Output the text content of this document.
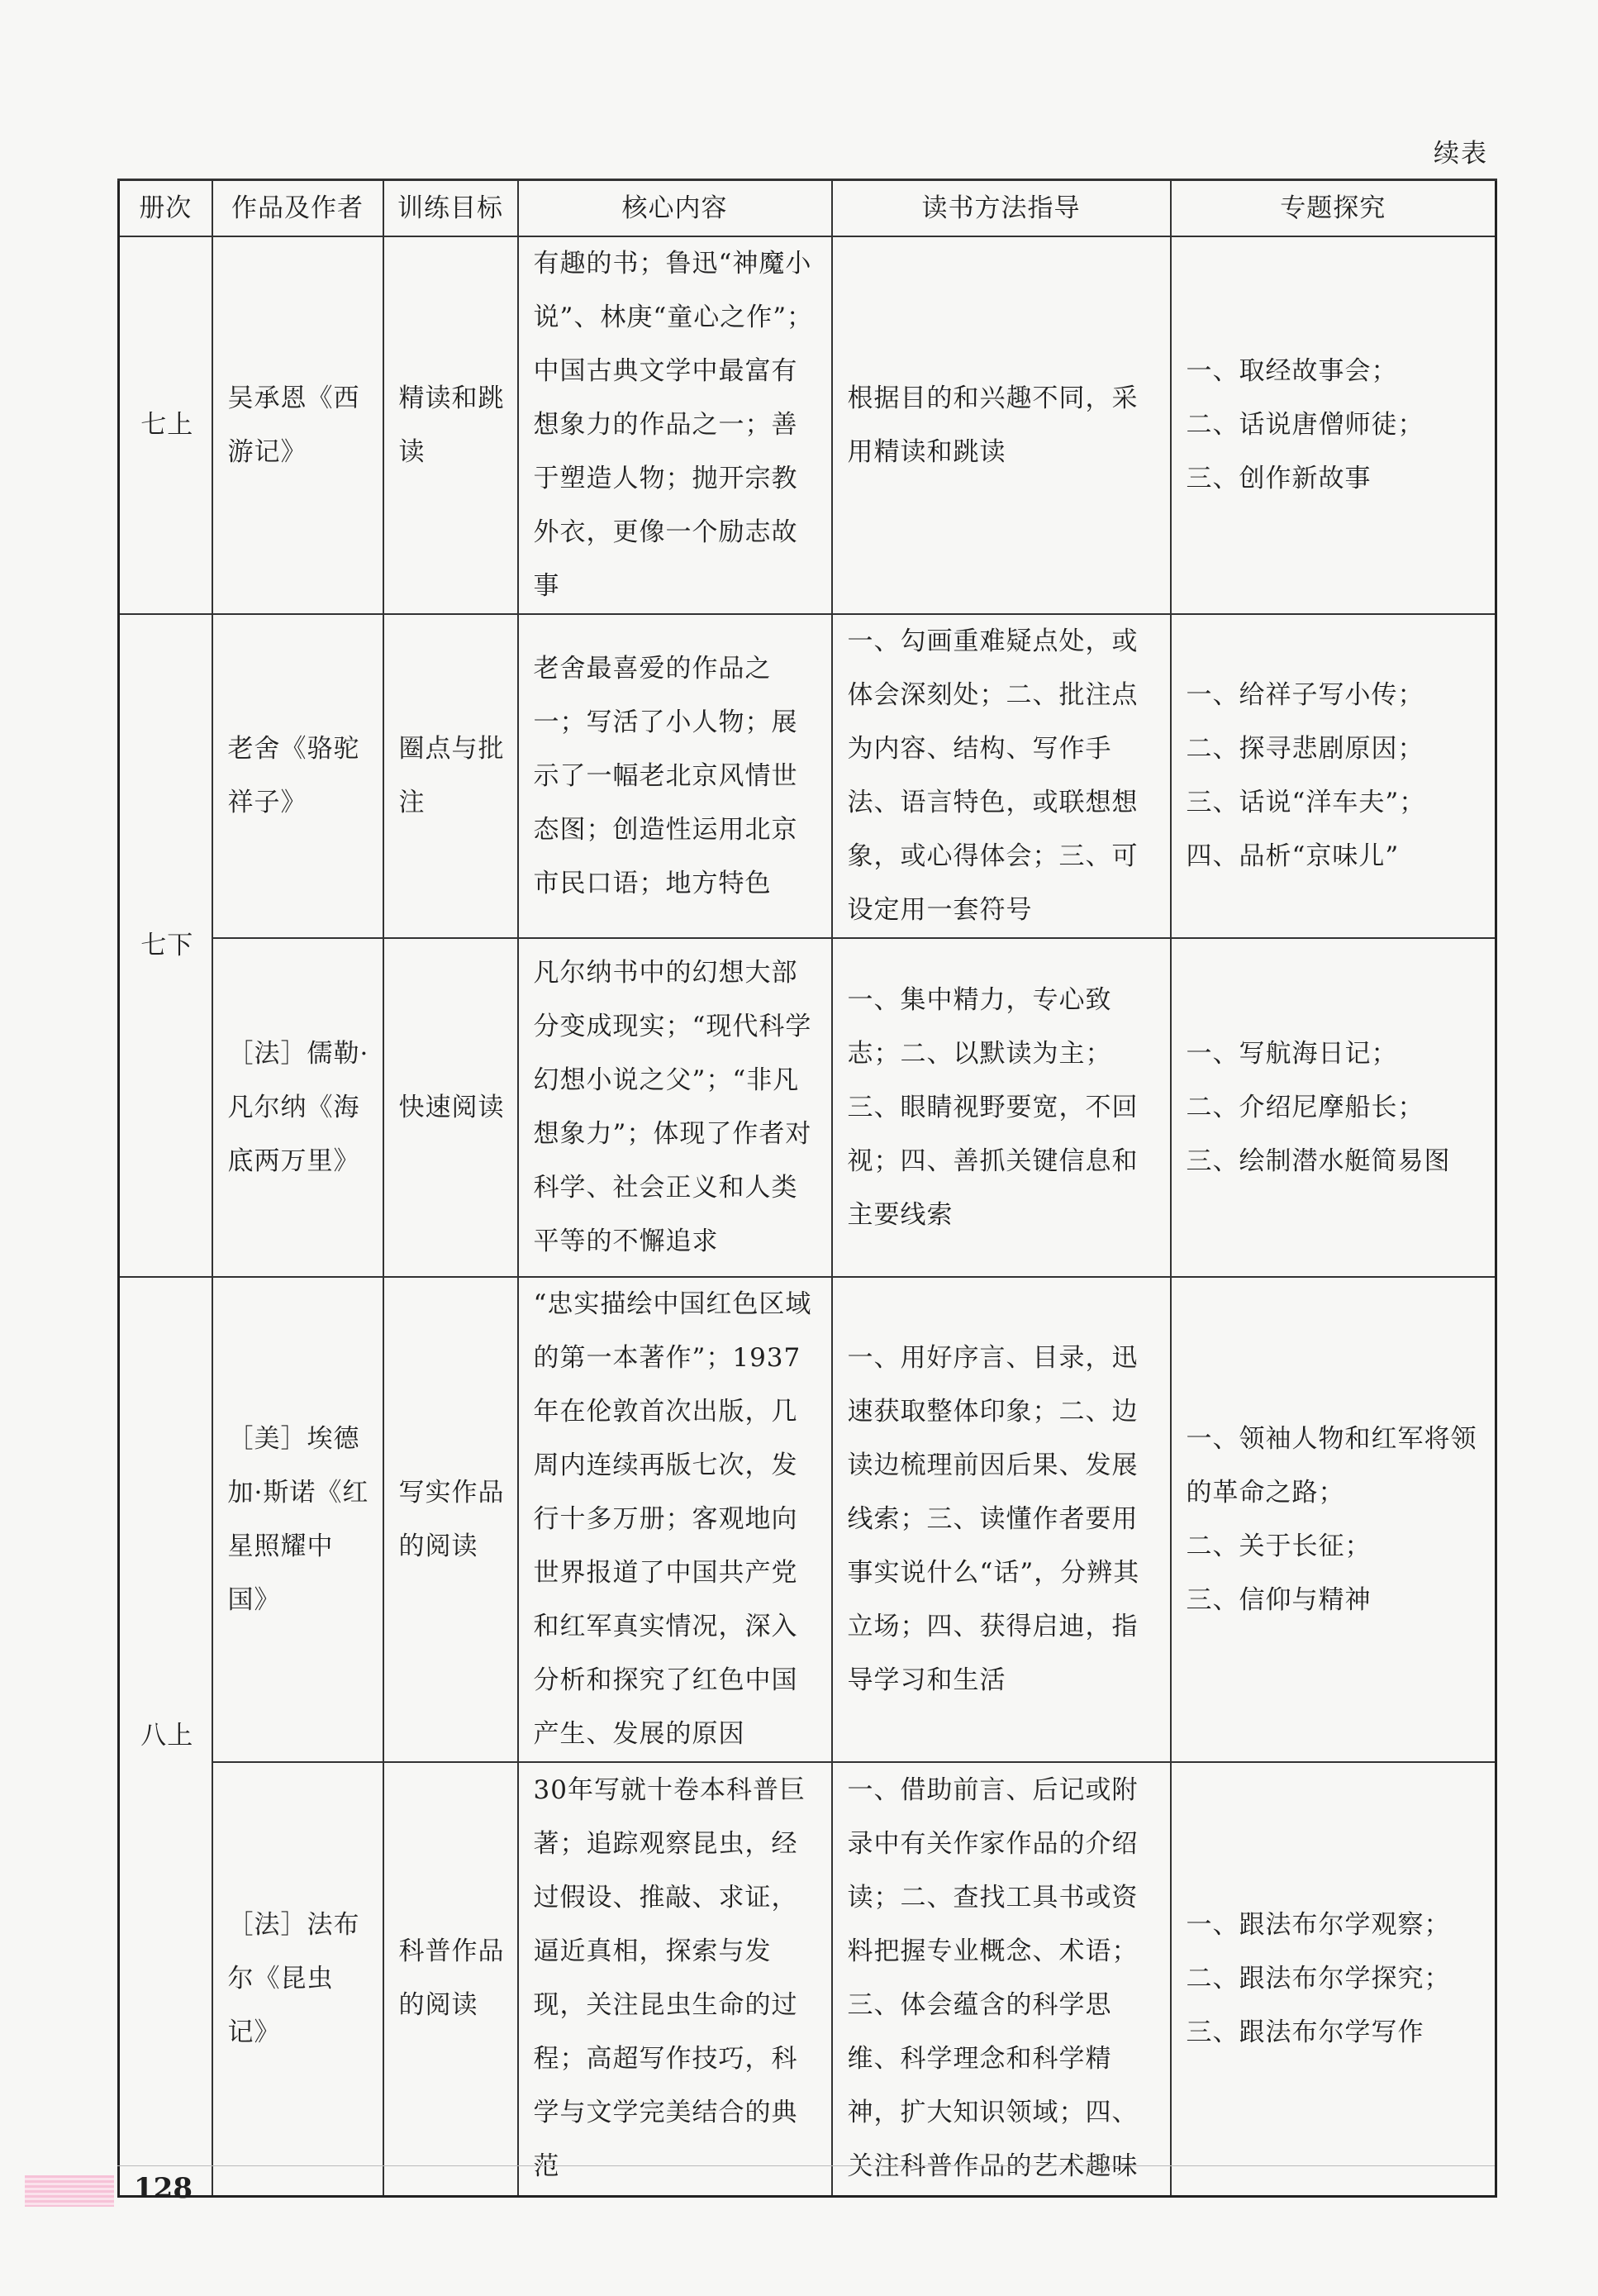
续表
册次	作品及作者	训练目标	核心内容	读书方法指导	专题探究
七上	吴承恩《西游记》	精读和跳读	有趣的书；鲁迅“神魔小说”、林庚“童心之作”；中国古典文学中最富有想象力的作品之一；善于塑造人物；抛开宗教外衣，更像一个励志故事	根据目的和兴趣不同，采用精读和跳读	一、取经故事会；
二、话说唐僧师徒；
三、创作新故事

七下	老舍《骆驼祥子》	圈点与批注	老舍最喜爱的作品之一；写活了小人物；展示了一幅老北京风情世态图；创造性运用北京市民口语；地方特色	一、勾画重难疑点处，或体会深刻处；二、批注点为内容、结构、写作手法、语言特色，或联想想象，或心得体会；三、可设定用一套符号	一、给祥子写小传；
二、探寻悲剧原因；
三、话说“洋车夫”；
四、品析“京味儿”

	［法］儒勒·凡尔纳《海底两万里》	快速阅读	凡尔纳书中的幻想大部分变成现实；“现代科学幻想小说之父”；“非凡想象力”；体现了作者对科学、社会正义和人类平等的不懈追求	一、集中精力，专心致志；二、以默读为主；三、眼睛视野要宽，不回视；四、善抓关键信息和主要线索	一、写航海日记；
二、介绍尼摩船长；
三、绘制潜水艇简易图

八上	［美］埃德加·斯诺《红星照耀中国》	写实作品的阅读	“忠实描绘中国红色区域的第一本著作”；1937年在伦敦首次出版，几周内连续再版七次，发行十多万册；客观地向世界报道了中国共产党和红军真实情况，深入分析和探究了红色中国产生、发展的原因	一、用好序言、目录，迅速获取整体印象；二、边读边梳理前因后果、发展线索；三、读懂作者要用事实说什么“话”，分辨其立场；四、获得启迪，指导学习和生活	一、领袖人物和红军将领的革命之路；
二、关于长征；
三、信仰与精神

	［法］法布尔《昆虫记》	科普作品的阅读	30年写就十卷本科普巨著；追踪观察昆虫，经过假设、推敲、求证，逼近真相，探索与发现，关注昆虫生命的过程；高超写作技巧，科学与文学完美结合的典范	一、借助前言、后记或附录中有关作家作品的介绍读；二、查找工具书或资料把握专业概念、术语；三、体会蕴含的科学思维、科学理念和科学精神，扩大知识领域；四、关注科普作品的艺术趣味	一、跟法布尔学观察；
二、跟法布尔学探究；
三、跟法布尔学写作
128
